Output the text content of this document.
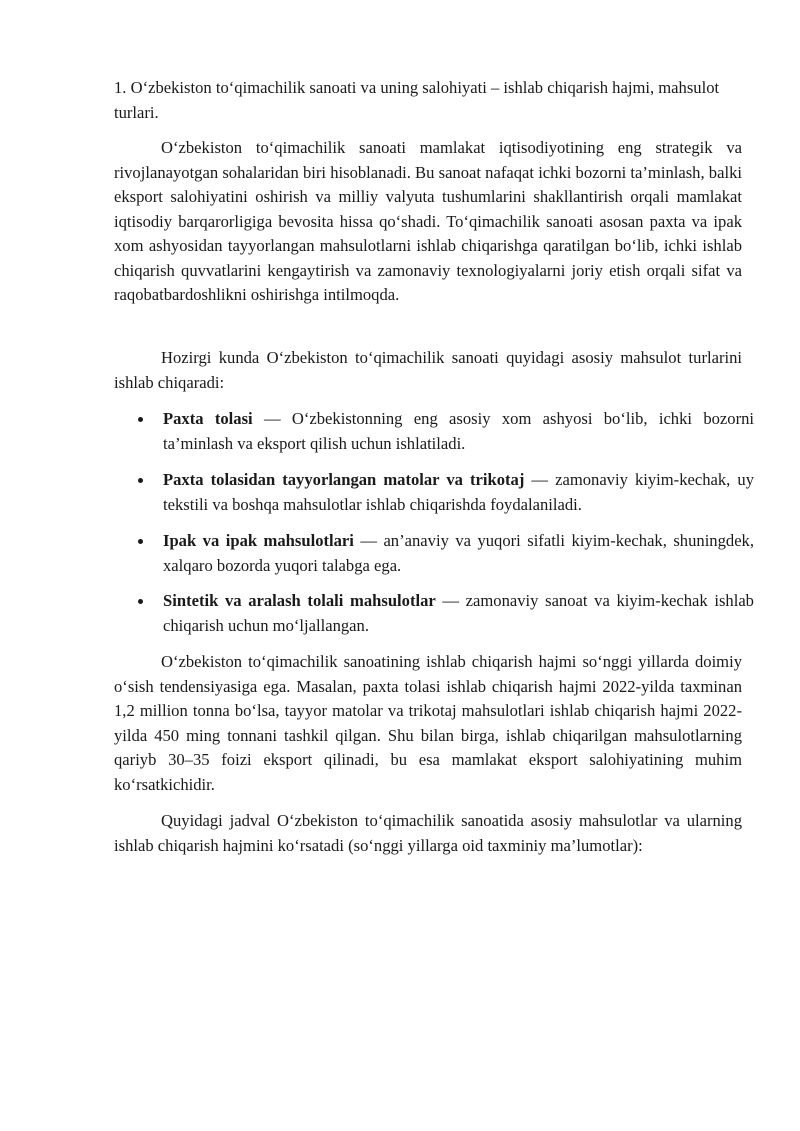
1. O‘zbekiston to‘qimachilik sanoati va uning salohiyati – ishlab chiqarish hajmi, mahsulot turlari.
O‘zbekiston to‘qimachilik sanoati mamlakat iqtisodiyotining eng strategik va rivojlanayotgan sohalaridan biri hisoblanadi. Bu sanoat nafaqat ichki bozorni ta’minlash, balki eksport salohiyatini oshirish va milliy valyuta tushumlarini shakllantirish orqali mamlakat iqtisodiy barqarorligiga bevosita hissa qo‘shadi. To‘qimachilik sanoati asosan paxta va ipak xom ashyosidan tayyorlangan mahsulotlarni ishlab chiqarishga qaratilgan bo‘lib, ichki ishlab chiqarish quvvatlarini kengaytirish va zamonaviy texnologiyalarni joriy etish orqali sifat va raqobatbardoshlikni oshirishga intilmoqda.
Hozirgi kunda O‘zbekiston to‘qimachilik sanoati quyidagi asosiy mahsulot turlarini ishlab chiqaradi:
Paxta tolasi — O‘zbekistonning eng asosiy xom ashyosi bo‘lib, ichki bozorni ta’minlash va eksport qilish uchun ishlatiladi.
Paxta tolasidan tayyorlangan matolar va trikotaj — zamonaviy kiyim-kechak, uy tekstili va boshqa mahsulotlar ishlab chiqarishda foydalaniladi.
Ipak va ipak mahsulotlari — an’anaviy va yuqori sifatli kiyim-kechak, shuningdek, xalqaro bozorda yuqori talabga ega.
Sintetik va aralash tolali mahsulotlar — zamonaviy sanoat va kiyim-kechak ishlab chiqarish uchun mo‘ljallangan.
O‘zbekiston to‘qimachilik sanoatining ishlab chiqarish hajmi so‘nggi yillarda doimiy o‘sish tendensiyasiga ega. Masalan, paxta tolasi ishlab chiqarish hajmi 2022-yilda taxminan 1,2 million tonna bo‘lsa, tayyor matolar va trikotaj mahsulotlari ishlab chiqarish hajmi 2022-yilda 450 ming tonnani tashkil qilgan. Shu bilan birga, ishlab chiqarilgan mahsulotlarning qariyb 30–35 foizi eksport qilinadi, bu esa mamlakat eksport salohiyatining muhim ko‘rsatkichidir.
Quyidagi jadval O‘zbekiston to‘qimachilik sanoatida asosiy mahsulotlar va ularning ishlab chiqarish hajmini ko‘rsatadi (so‘nggi yillarga oid taxminiy ma’lumotlar):
